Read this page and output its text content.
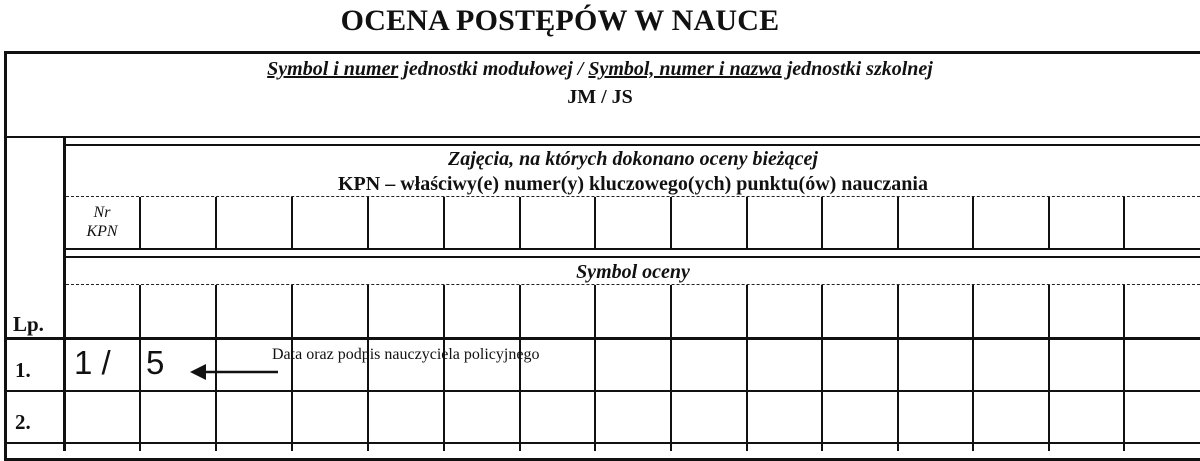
OCENA POSTĘPÓW W NAUCE
Symbol i numer jednostki modułowej / Symbol, numer i nazwa jednostki szkolnej
JM / JS
Zajęcia, na których dokonano oceny bieżącej
KPN – właściwy(e) numer(y) kluczowego(ych) punktu(ów) nauczania
Nr
KPN
Symbol oceny
Lp.
1. 1 / 5	Data oraz podpis nauczyciela policyjnego
2.
